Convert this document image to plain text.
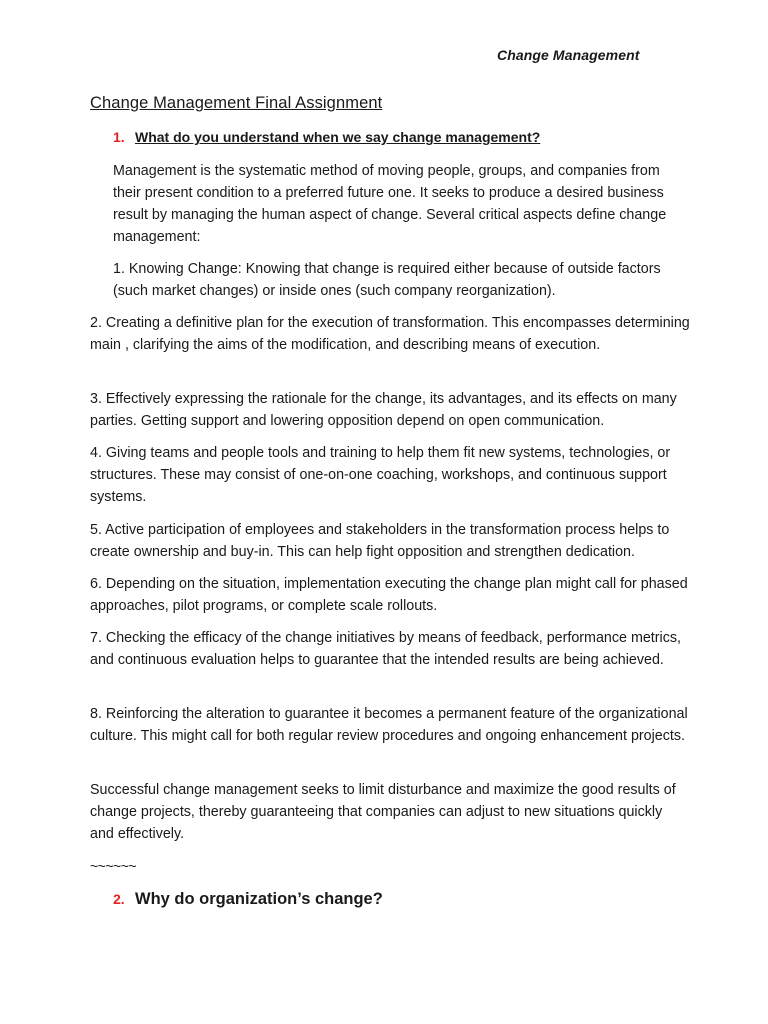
Change Management
Change Management Final Assignment
1. What do you understand when we say change management?

Management is the systematic method of moving people, groups, and companies from their present condition to a preferred future one. It seeks to produce a desired business result by managing the human aspect of change. Several critical aspects define change management:

1. Knowing Change: Knowing that change is required either because of outside factors (such market changes) or inside ones (such company reorganization).

2. Creating a definitive plan for the execution of transformation. This encompasses determining main , clarifying the aims of the modification, and describing means of execution.

3. Effectively expressing the rationale for the change, its advantages, and its effects on many parties. Getting support and lowering opposition depend on open communication.

4. Giving teams and people tools and training to help them fit new systems, technologies, or structures. These may consist of one-on-one coaching, workshops, and continuous support systems.

5. Active participation of employees and stakeholders in the transformation process helps to create ownership and buy-in. This can help fight opposition and strengthen dedication.

6. Depending on the situation, implementation executing the change plan might call for phased approaches, pilot programs, or complete scale rollouts.

7. Checking the efficacy of the change initiatives by means of feedback, performance metrics, and continuous evaluation helps to guarantee that the intended results are being achieved.

8. Reinforcing the alteration to guarantee it becomes a permanent feature of the organizational culture. This might call for both regular review procedures and ongoing enhancement projects.

Successful change management seeks to limit disturbance and maximize the good results of change projects, thereby guaranteeing that companies can adjust to new situations quickly and effectively.

~~~~~~
2. Why do organization’s change?
